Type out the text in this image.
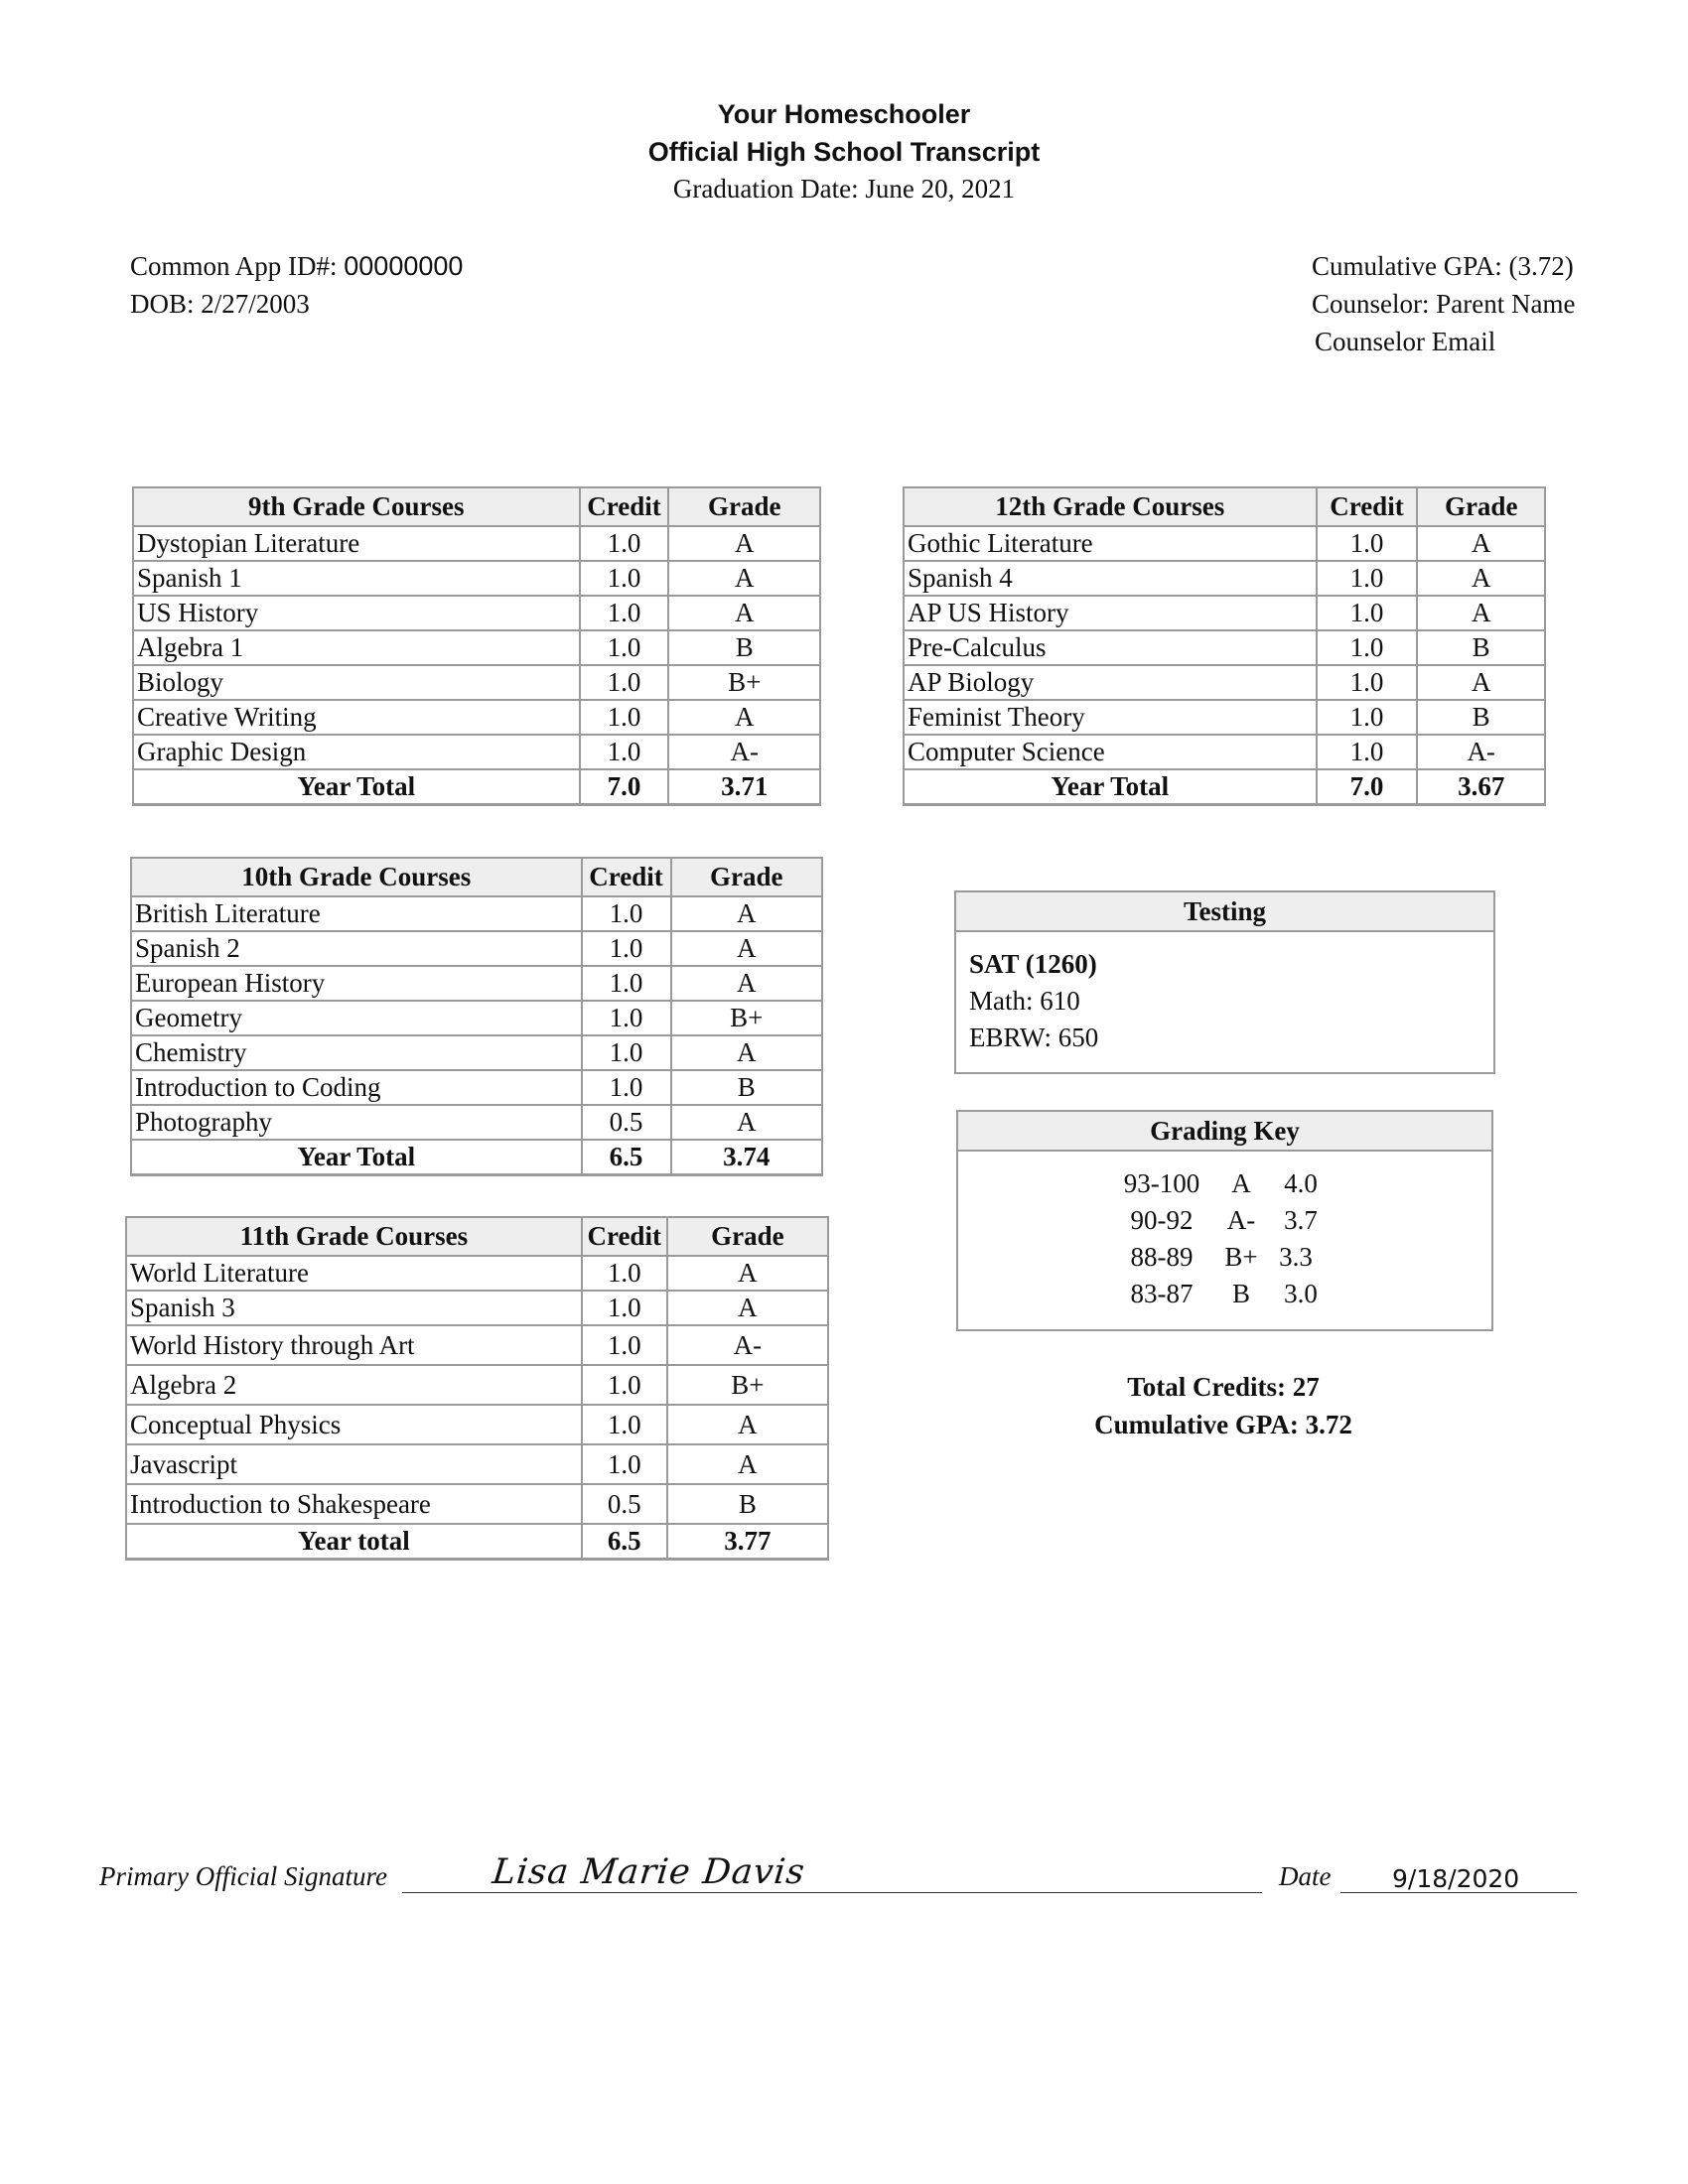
Your Homeschooler
Official High School Transcript
Graduation Date: June 20, 2021
Common App ID#: 00000000
DOB: 2/27/2003
Cumulative GPA: (3.72)
Counselor: Parent Name
Counselor Email
9th Grade Courses	Credit	Grade
Dystopian Literature	1.0	A
Spanish 1	1.0	A
US History	1.0	A
Algebra 1	1.0	B
Biology	1.0	B+
Creative Writing	1.0	A
Graphic Design	1.0	A-
Year Total	7.0	3.71
10th Grade Courses	Credit	Grade
British Literature	1.0	A
Spanish 2	1.0	A
European History	1.0	A
Geometry	1.0	B+
Chemistry	1.0	A
Introduction to Coding	1.0	B
Photography	0.5	A
Year Total	6.5	3.74
11th Grade Courses	Credit	Grade
World Literature	1.0	A
Spanish 3	1.0	A
World History through Art	1.0	A-
Algebra 2	1.0	B+
Conceptual Physics	1.0	A
Javascript	1.0	A
Introduction to Shakespeare	0.5	B
Year total	6.5	3.77
12th Grade Courses	Credit	Grade
Gothic Literature	1.0	A
Spanish 4	1.0	A
AP US History	1.0	A
Pre-Calculus	1.0	B
AP Biology	1.0	A
Feminist Theory	1.0	B
Computer Science	1.0	A-
Year Total	7.0	3.67
Testing
SAT (1260)
Math: 610
EBRW: 650
Grading Key
93-100	A	4.0
90-92	A-	3.7
88-89	B+ 3.3
83-87	B	3.0
Total Credits: 27
Cumulative GPA: 3.72
Primary Official Signature	Lisa Marie Davis	Date 9/18/2020
